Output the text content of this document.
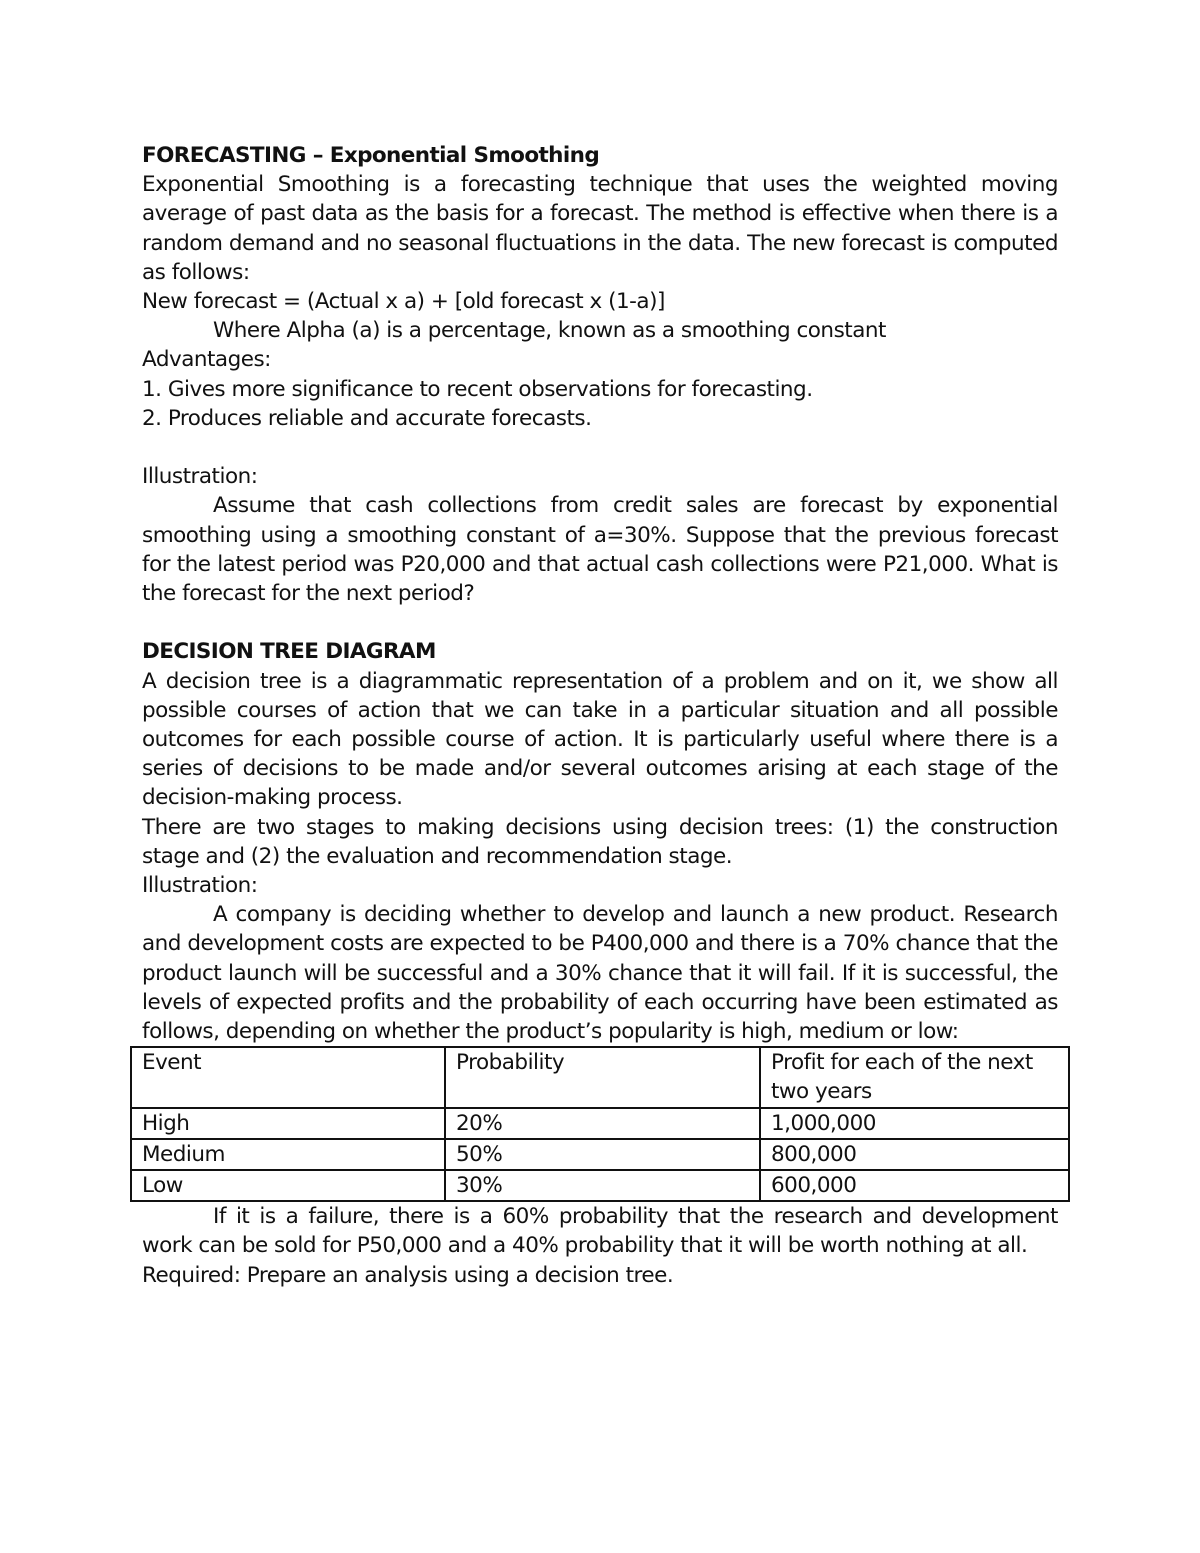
FORECASTING – Exponential Smoothing

Exponential Smoothing is a forecasting technique that uses the weighted moving average of past data as the basis for a forecast. The method is effective when there is a random demand and no seasonal fluctuations in the data. The new forecast is computed as follows:

New forecast = (Actual x a) + [old forecast x (1-a)]

Where Alpha (a) is a percentage, known as a smoothing constant

Advantages:

1. Gives more significance to recent observations for forecasting.

2. Produces reliable and accurate forecasts.

Illustration:

Assume that cash collections from credit sales are forecast by exponential smoothing using a smoothing constant of a=30%. Suppose that the previous forecast for the latest period was P20,000 and that actual cash collections were P21,000. What is the forecast for the next period?

DECISION TREE DIAGRAM

A decision tree is a diagrammatic representation of a problem and on it, we show all possible courses of action that we can take in a particular situation and all possible outcomes for each possible course of action. It is particularly useful where there is a series of decisions to be made and/or several outcomes arising at each stage of the decision-making process.

There are two stages to making decisions using decision trees: (1) the construction stage and (2) the evaluation and recommendation stage.

Illustration:

A company is deciding whether to develop and launch a new product. Research and development costs are expected to be P400,000 and there is a 70% chance that the product launch will be successful and a 30% chance that it will fail. If it is successful, the levels of expected profits and the probability of each occurring have been estimated as follows, depending on whether the product’s popularity is high, medium or low:

Event	Probability	Profit for each of the next two years
High	20%	1,000,000
Medium	50%	800,000
Low	30%	600,000

If it is a failure, there is a 60% probability that the research and development work can be sold for P50,000 and a 40% probability that it will be worth nothing at all.

Required: Prepare an analysis using a decision tree.
